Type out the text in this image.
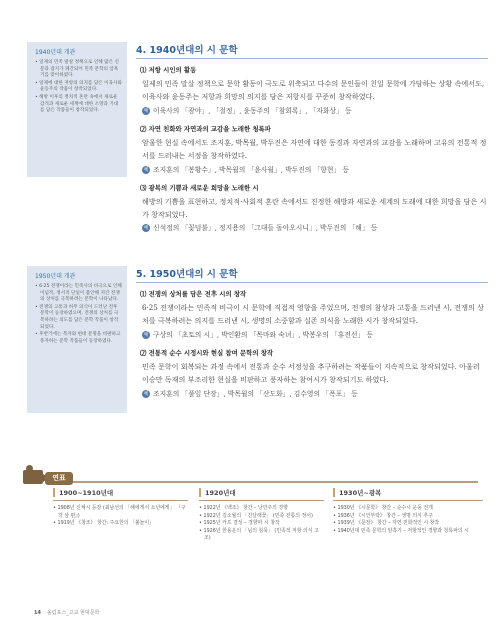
1940년대 개관

• 일제의 민족 말살 정책으로 인해 많은 신문과 잡지가 폐간되어 민족 문학의 암흑기를 맞이하였다.

• 일제에 대한 저항의 의지를 담은 이육사와 윤동주의 작품이 창작되었다.

• 해방 이후의 정치적 혼란 속에서 새로운 감격과 새로운 세계에 대한 소망과 기대를 담은 작품들이 창작되었다.

1950년대 개관

• 6·25 전쟁이라는 민족사의 비극으로 인해 이념적, 정서적 단일이 불안해 져간 전쟁의 상처를 극복하려는 문학이 나타났다.

• 전쟁의 고통과 허무 의식이 드러난 전후 문학이 등장하였으며, 전쟁의 상처를 극복하려는 의도를 담은 문학 작품이 창작되었다.

• 후반기에는 복자와 현대 문명을 비판하고 풍자하는 문학 작품들이 등장하였다.

4. 1940년대의 시 문학
⑴ 저항 시인의 활동

일제의 민족 말살 정책으로 문학 활동이 극도로 위축되고 다수의 문인들이 친일 문학에 가담하는 상황 속에서도, 이육사와 윤동주는 저항과 희망의 의지를 담은 저항시를 꾸준히 창작하였다.

예 이육사의 「광야」, 「절정」, 윤동주의 「참회록」, 「자화상」 등

⑵ 자연 친화와 자연과의 교감을 노래한 청록파

암울한 현실 속에서도 조지훈, 박목월, 박두진은 자연에 대한 동경과 자연과의 교감을 노래하며 고유의 전통적 정서를 드러내는 서정을 창작하였다.

예 조지훈의 「봉황수」, 박목월의 「윤사월」, 박두진의 「향현」 등

⑶ 광복의 기쁨과 새로운 희망을 노래한 시

해방의 기쁨을 표현하고, 정치적·사회적 혼란 속에서도 진정한 해방과 새로운 세계의 도래에 대한 희망을 담은 시가 창작되었다.

예 신석정의 「꽃덤불」, 정지용의 「그대들 돌아오시니」, 박두진의 「해」 등

5. 1950년대의 시 문학
⑴ 전쟁의 상처를 담은 전후 시의 창작

6·25 전쟁이라는 민족적 비극이 시 문학에 직접적 영향을 주었으며, 전쟁의 참상과 고통을 드러낸 시, 전쟁의 상처를 극복하려는 의지를 드러낸 시, 생명의 소중함과 실존 의식을 노래한 시가 창작되었다.

예 구상의 「초토의 시」, 박인환의 「목마와 숙녀」, 박봉우의 「휴전선」 등

⑵ 전통적 순수 시정시와 현실 참여 문학의 창작

민족 문학이 회복되는 과정 속에서 전통과 순수 서정성을 추구하려는 작품들이 지속적으로 창작되었다. 아울러 이승만 독재의 부조리한 현실을 비판하고 풍자하는 참여시가 창작되기도 하였다.

예 조지훈의 「풀잎 단장」, 박목월의 「산도화」, 김수영의 「폭포」 등

연표
1900~1910년대

• 1908년 신체시 등장 (최남선의 「해에게서 소년에게」 『구작 삼 편』)

• 1919년 《창조》 창간: 주요한의 「불놀이」

1920년대

• 1922년 《백조》 창간 – 낭만주의 경향

• 1922년 김소월의 「진달래꽃」 (민족 전통의 정서)

• 1925년 카프 결성 – 경향파 시 창작

• 1926년 한용운의 「님의 침묵」 (민족적 저항 의식 고조)

1930년~광복

• 1930년 《시문학》 창간 – 순수시 운동 전개

• 1936년 《시인부락》 창간 – 생명 의식 추구

• 1939년 《문장》 창간 – 자연 친화적인 시 창작

• 1940년대 민족 문학의 암흑기 – 저항적인 경향과 청록파의 시

14 올림포스_고교 현대문학
